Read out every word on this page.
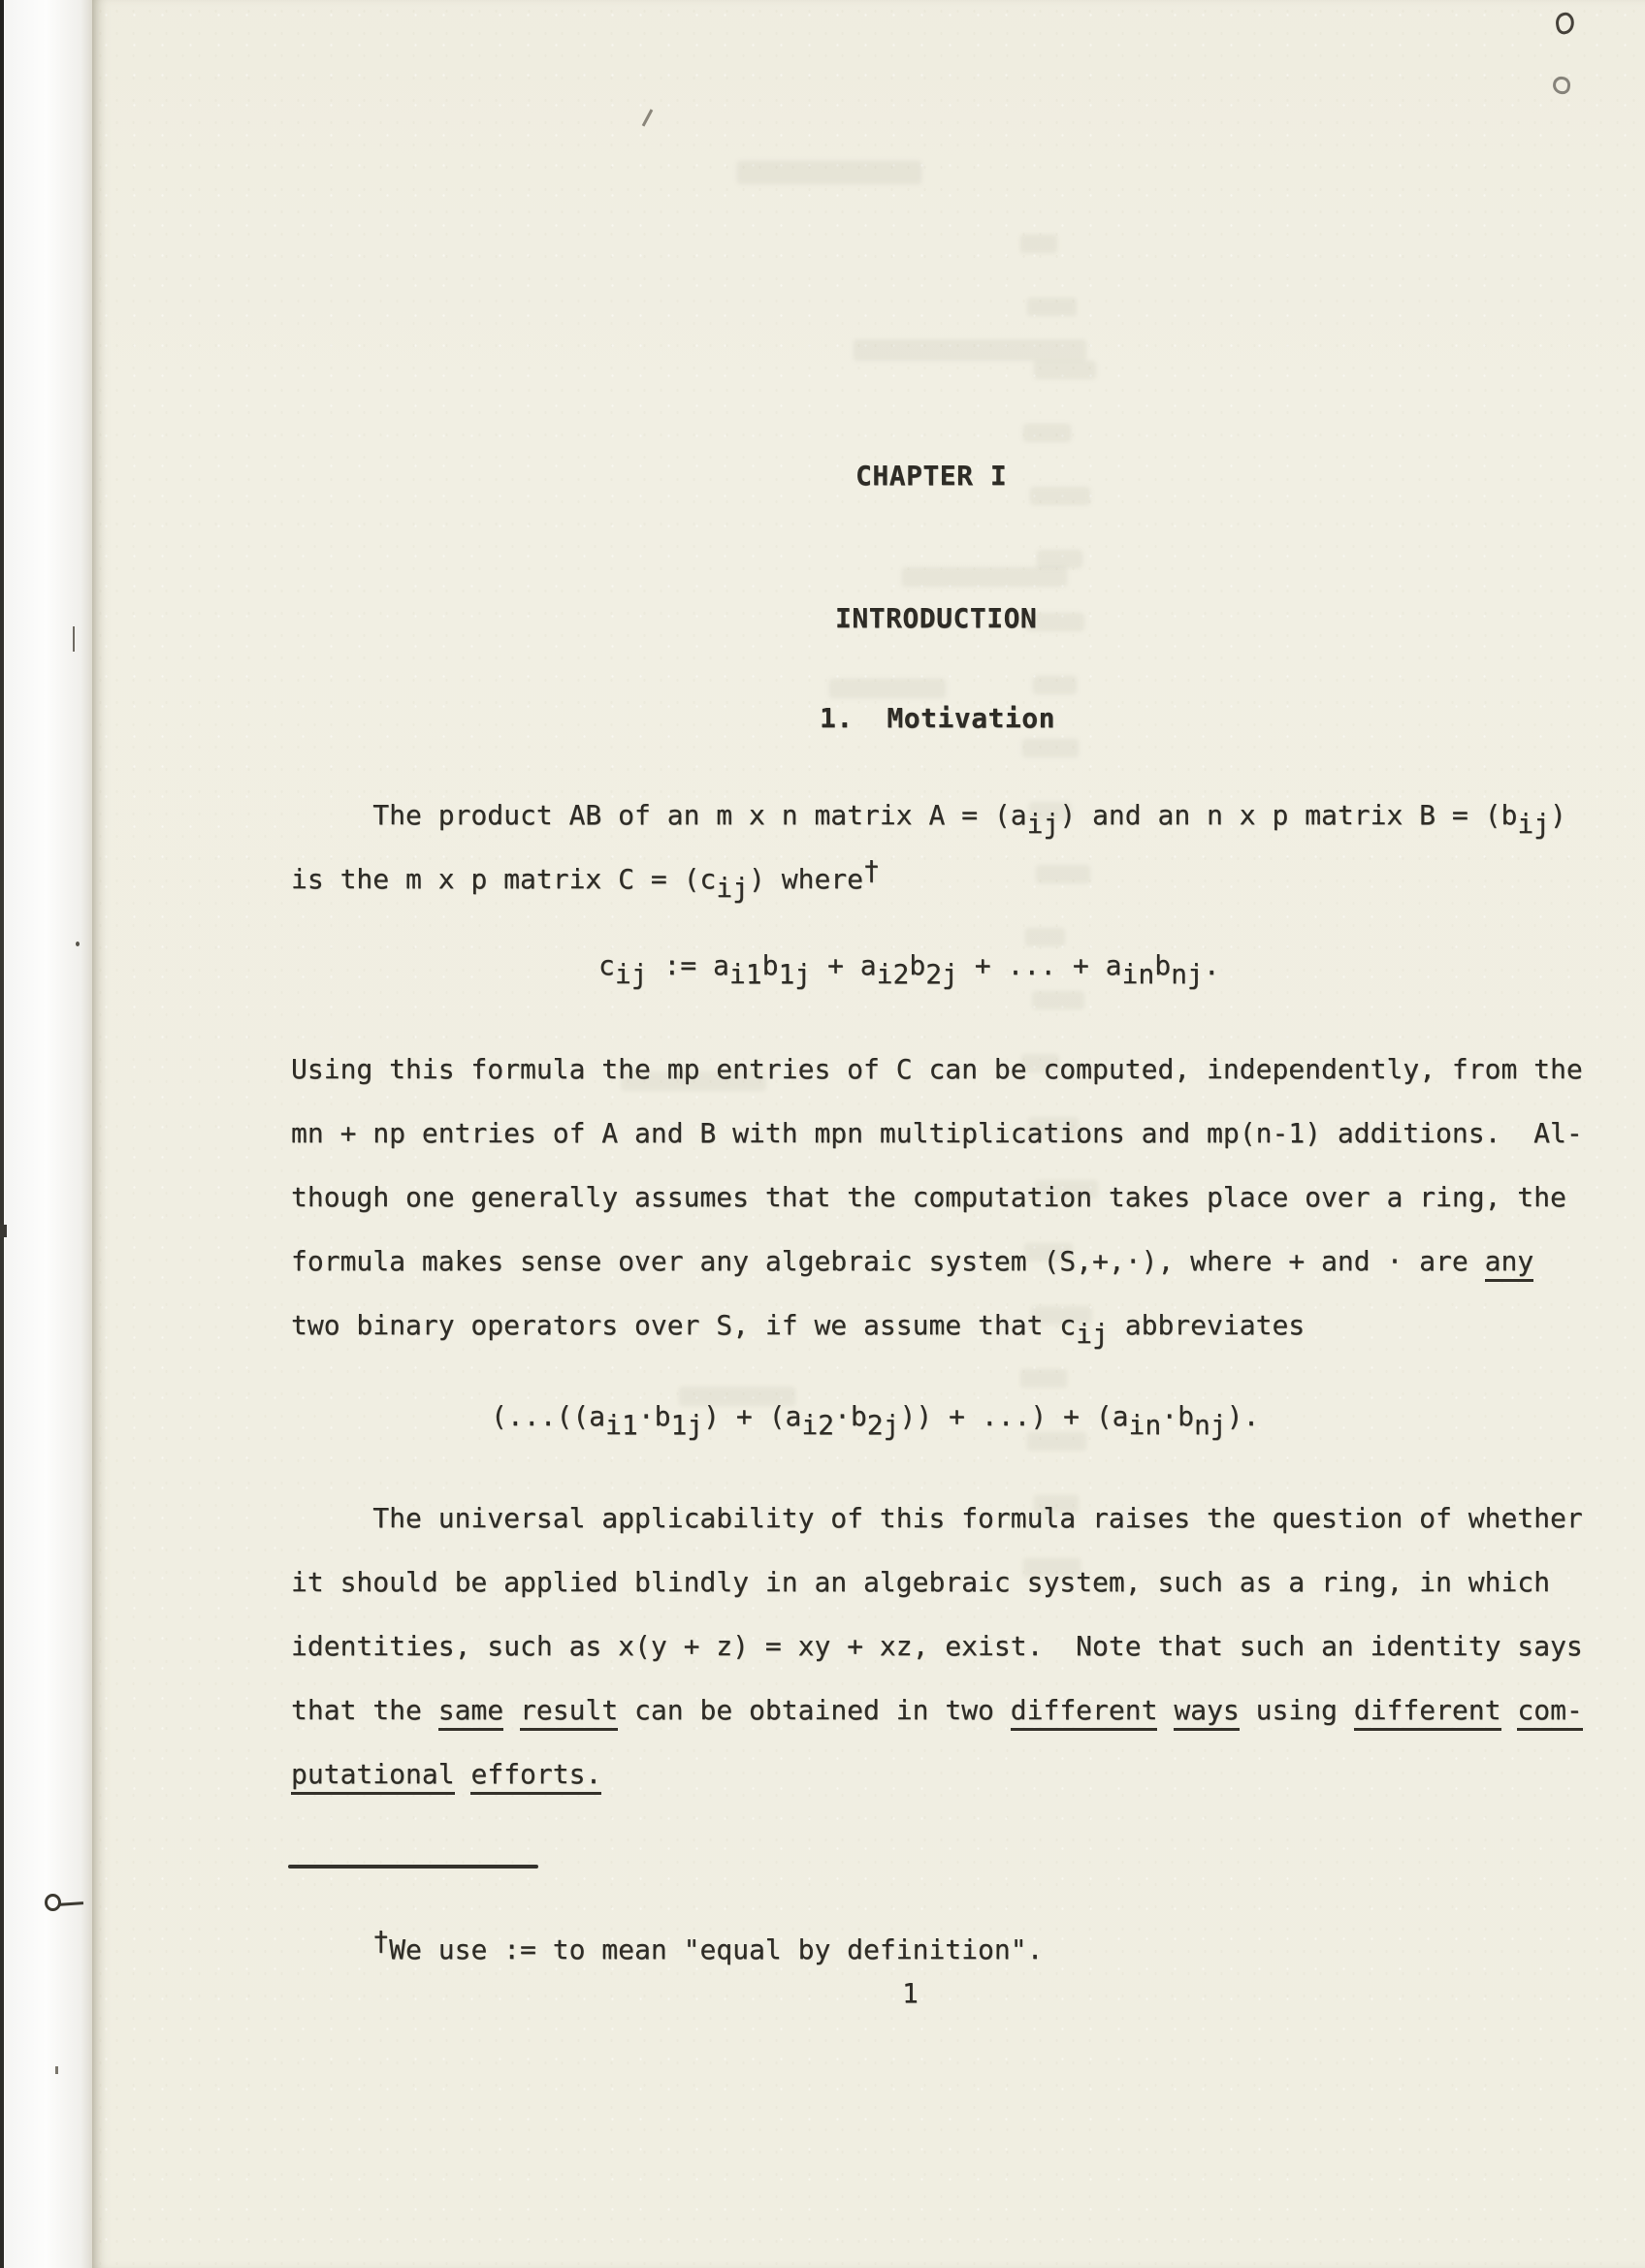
CHAPTER I
INTRODUCTION
1.  Motivation
The product AB of an m x n matrix A = (aij) and an n x p matrix B = (bij)
is the m x p matrix C = (cij) where†
cij := ai1b1j + ai2b2j + ... + ainbnj.
Using this formula the mp entries of C can be computed, independently, from the
mn + np entries of A and B with mpn multiplications and mp(n-1) additions.  Al-
though one generally assumes that the computation takes place over a ring, the
formula makes sense over any algebraic system (S,+,·), where + and · are any
two binary operators over S, if we assume that cij abbreviates
(...((ai1·b1j) + (ai2·b2j)) + ...) + (ain·bnj).
The universal applicability of this formula raises the question of whether
it should be applied blindly in an algebraic system, such as a ring, in which
identities, such as x(y + z) = xy + xz, exist.  Note that such an identity says
that the same result can be obtained in two different ways using different com-
putational efforts.
†We use := to mean "equal by definition".
1
